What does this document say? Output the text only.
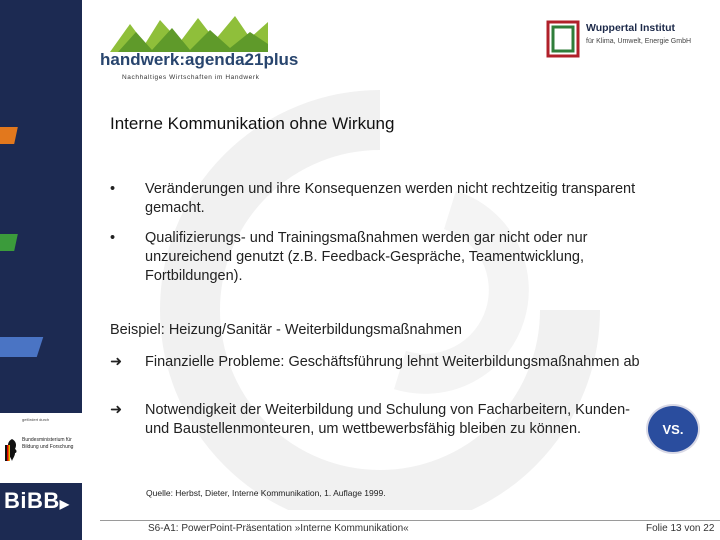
gefördert durch
Bundesministerium für Bildung und Forschung
BiBB▶
handwerk:agenda21plus
Nachhaltiges Wirtschaften im Handwerk
Wuppertal Institut
für Klima, Umwelt, Energie GmbH
Interne Kommunikation ohne Wirkung
•	Veränderungen und ihre Konsequenzen werden nicht rechtzeitig transparent gemacht.
•	Qualifizierungs- und Trainingsmaßnahmen werden gar nicht oder nur unzureichend genutzt (z.B. Feedback-Gespräche, Teamentwicklung, Fortbildungen).
Beispiel: Heizung/Sanitär - Weiterbildungsmaßnahmen
➜	Finanzielle Probleme: Geschäftsführung lehnt Weiterbildungsmaßnahmen ab
➜	Notwendigkeit der Weiterbildung und Schulung von Facharbeitern, Kunden- und Baustellenmonteuren, um wettbewerbsfähig bleiben zu können.	VS.
Quelle: Herbst, Dieter, Interne Kommunikation, 1. Auflage 1999.
S6-A1: PowerPoint-Präsentation »Interne Kommunikation«	Folie 13 von 22
